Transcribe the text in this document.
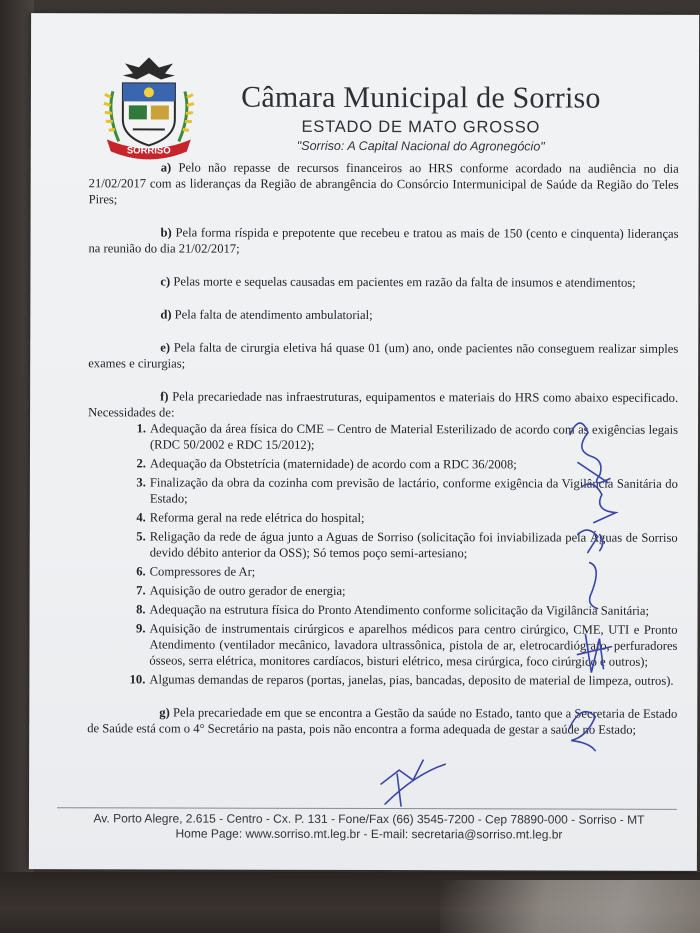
SORRISO
Câmara Municipal de Sorriso
ESTADO DE MATO GROSSO
"Sorriso: A Capital Nacional do Agronegócio"

a) Pelo não repasse de recursos financeiros ao HRS conforme acordado na audiência no dia 21/02/2017 com as lideranças da Região de abrangência do Consórcio Intermunicipal de Saúde da Região do Teles Pires;

b) Pela forma ríspida e prepotente que recebeu e tratou as mais de 150 (cento e cinquenta) lideranças na reunião do dia 21/02/2017;

c) Pelas morte e sequelas causadas em pacientes em razão da falta de insumos e atendimentos;

d) Pela falta de atendimento ambulatorial;

e) Pela falta de cirurgia eletiva há quase 01 (um) ano, onde pacientes não conseguem realizar simples exames e cirurgias;

f) Pela precariedade nas infraestruturas, equipamentos e materiais do HRS como abaixo especificado. Necessidades de:

1. Adequação da área física do CME – Centro de Material Esterilizado de acordo com as exigências legais (RDC 50/2002 e RDC 15/2012);
2. Adequação da Obstetrícia (maternidade) de acordo com a RDC 36/2008;
3. Finalização da obra da cozinha com previsão de lactário, conforme exigência da Vigilância Sanitária do Estado;
4. Reforma geral na rede elétrica do hospital;
5. Religação da rede de água junto a Aguas de Sorriso (solicitação foi inviabilizada pela Águas de Sorriso devido débito anterior da OSS); Só temos poço semi-artesiano;
6. Compressores de Ar;
7. Aquisição de outro gerador de energia;
8. Adequação na estrutura física do Pronto Atendimento conforme solicitação da Vigilância Sanitária;
9. Aquisição de instrumentais cirúrgicos e aparelhos médicos para centro cirúrgico, CME, UTI e Pronto Atendimento (ventilador mecânico, lavadora ultrassônica, pistola de ar, eletrocardiógrafo, perfuradores ósseos, serra elétrica, monitores cardíacos, bisturi elétrico, mesa cirúrgica, foco cirúrgico e outros);
10. Algumas demandas de reparos (portas, janelas, pias, bancadas, deposito de material de limpeza, outros).

g) Pela precariedade em que se encontra a Gestão da saúde no Estado, tanto que a Secretaria de Estado de Saúde está com o 4° Secretário na pasta, pois não encontra a forma adequada de gestar a saúde no Estado;

Av. Porto Alegre, 2.615 - Centro - Cx. P. 131 - Fone/Fax (66) 3545-7200 - Cep 78890-000 - Sorriso - MT
Home Page: www.sorriso.mt.leg.br - E-mail: secretaria@sorriso.mt.leg.br
